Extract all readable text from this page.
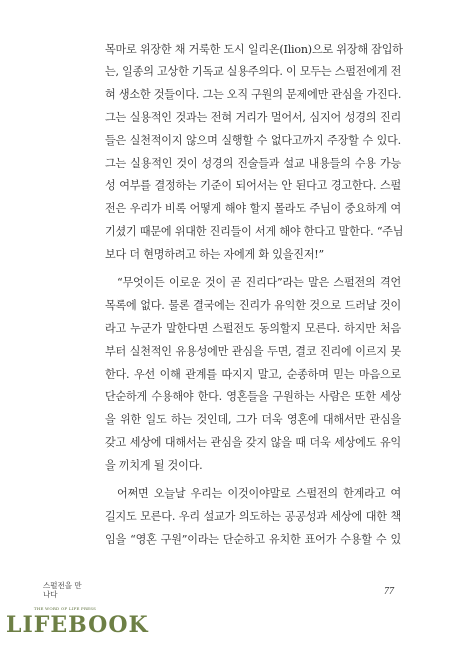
목마로 위장한 채 거룩한 도시 일리온(Ilion)으로 위장해 잠입하
는, 일종의 고상한 기독교 실용주의다. 이 모두는 스펄전에게 전
혀 생소한 것들이다. 그는 오직 구원의 문제에만 관심을 가진다.
그는 실용적인 것과는 전혀 거리가 멀어서, 심지어 성경의 진리
들은 실천적이지 않으며 실행할 수 없다고까지 주장할 수 있다.
그는 실용적인 것이 성경의 진술들과 설교 내용들의 수용 가능
성 여부를 결정하는 기준이 되어서는 안 된다고 경고한다. 스펄
전은 우리가 비록 어떻게 해야 할지 몰라도 주님이 중요하게 여
기셨기 때문에 위대한 진리들이 서게 해야 한다고 말한다. “주님
보다 더 현명하려고 하는 자에게 화 있을진저!”
“무엇이든 이로운 것이 곧 진리다”라는 말은 스펄전의 격언
목록에 없다. 물론 결국에는 진리가 유익한 것으로 드러날 것이
라고 누군가 말한다면 스펄전도 동의할지 모른다. 하지만 처음
부터 실천적인 유용성에만 관심을 두면, 결코 진리에 이르지 못
한다. 우선 이해 관계를 따지지 말고, 순종하며 믿는 마음으로
단순하게 수용해야 한다. 영혼들을 구원하는 사람은 또한 세상
을 위한 일도 하는 것인데, 그가 더욱 영혼에 대해서만 관심을
갖고 세상에 대해서는 관심을 갖지 않을 때 더욱 세상에도 유익
을 끼치게 될 것이다.
어쩌면 오늘날 우리는 이것이야말로 스펄전의 한계라고 여
길지도 모른다. 우리 설교가 의도하는 공공성과 세상에 대한 책
임을 “영혼 구원”이라는 단순하고 유치한 표어가 수용할 수 있
스펄전을 만나다	77
THE WORD OF LIFE PRESS
LIFEBOOK
